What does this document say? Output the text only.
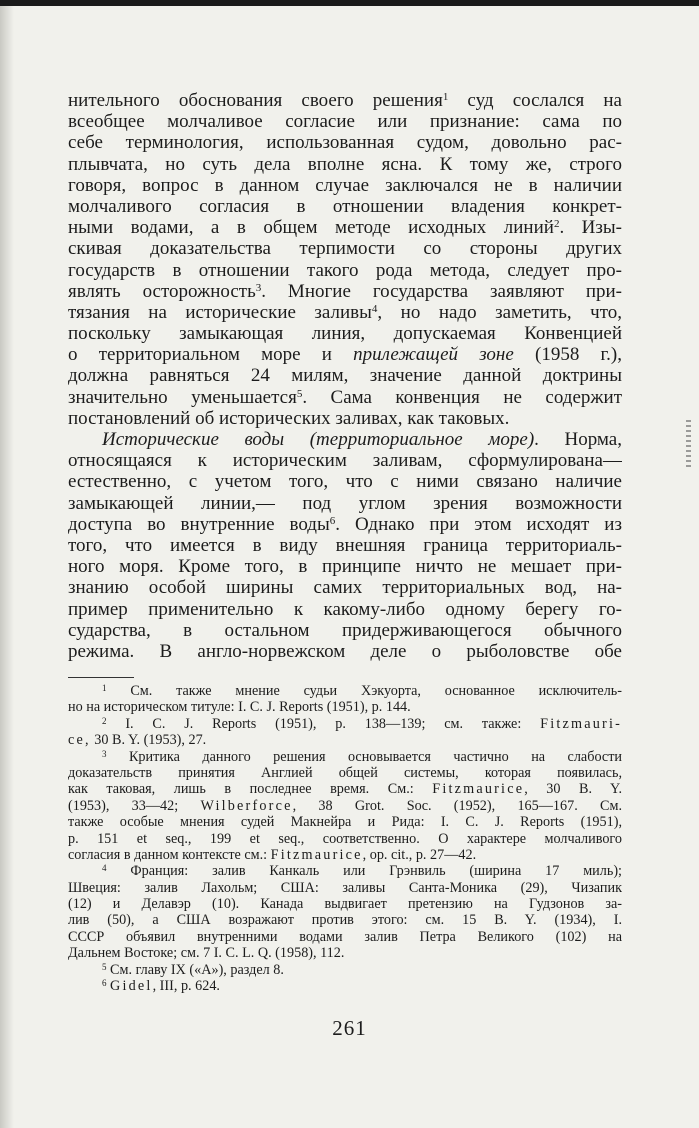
нительного обоснования своего решения$^1$ суд сослался на
всеобщее молчаливое согласие или признание: сама по
себе терминология, использованная судом, довольно рас-
плывчата, но суть дела вполне ясна. К тому же, строго
говоря, вопрос в данном случае заключался не в наличии
молчаливого согласия в отношении владения конкрет-
ными водами, а в общем методе исходных линий$^2$. Изы-
скивая доказательства терпимости со стороны других
государств в отношении такого рода метода, следует про-
являть осторожность$^3$. Многие государства заявляют при-
тязания на исторические заливы$^4$, но надо заметить, что,
поскольку замыкающая линия, допускаемая Конвенцией
о территориальном море и прилежащей зоне (1958 г.),
должна равняться 24 милям, значение данной доктрины
значительно уменьшается$^5$. Сама конвенция не содержит
постановлений об исторических заливах, как таковых.
Исторические воды (территориальное море). Норма,
относящаяся к историческим заливам, сформулирована—
естественно, с учетом того, что с ними связано наличие
замыкающей линии,— под углом зрения возможности
доступа во внутренние воды$^6$. Однако при этом исходят из
того, что имеется в виду внешняя граница территориаль-
ного моря. Кроме того, в принципе ничто не мешает при-
знанию особой ширины самих территориальных вод, на-
пример применительно к какому-либо одному берегу го-
сударства, в остальном придерживающегося обычного
режима. В англо-норвежском деле о рыболовстве обе
$^1$ См. также мнение судьи Хэкуорта, основанное исключитель-
но на историческом титуле: I. C. J. Reports (1951), p. 144.
$^2$ I. C. J. Reports (1951), p. 138—139; см. также: Fitzmauri-
ce, 30 B. Y. (1953), 27.
$^3$ Критика данного решения основывается частично на слабости
доказательств принятия Англией общей системы, которая появилась,
как таковая, лишь в последнее время. См.: Fitzmaurice, 30 B. Y.
(1953), 33—42; Wilberforce, 38 Grot. Soc. (1952), 165—167. См.
также особые мнения судей Макнейра и Рида: I. C. J. Reports (1951),
p. 151 et seq., 199 et seq., соответственно. О характере молчаливого
согласия в данном контексте см.: Fitzmaurice, op. cit., p. 27—42.
$^4$ Франция: залив Канкаль или Грэнвиль (ширина 17 миль);
Швеция: залив Лахольм; США: заливы Санта-Моника (29), Чизапик
(12) и Делавэр (10). Канада выдвигает претензию на Гудзонов за-
лив (50), а США возражают против этого: см. 15 B. Y. (1934), I.
СССР объявил внутренними водами залив Петра Великого (102) на
Дальнем Востоке; см. 7 I. C. L. Q. (1958), 112.
$^5$ См. главу IX («A»), раздел 8.
$^6$ Gidel, III, p. 624.
261
